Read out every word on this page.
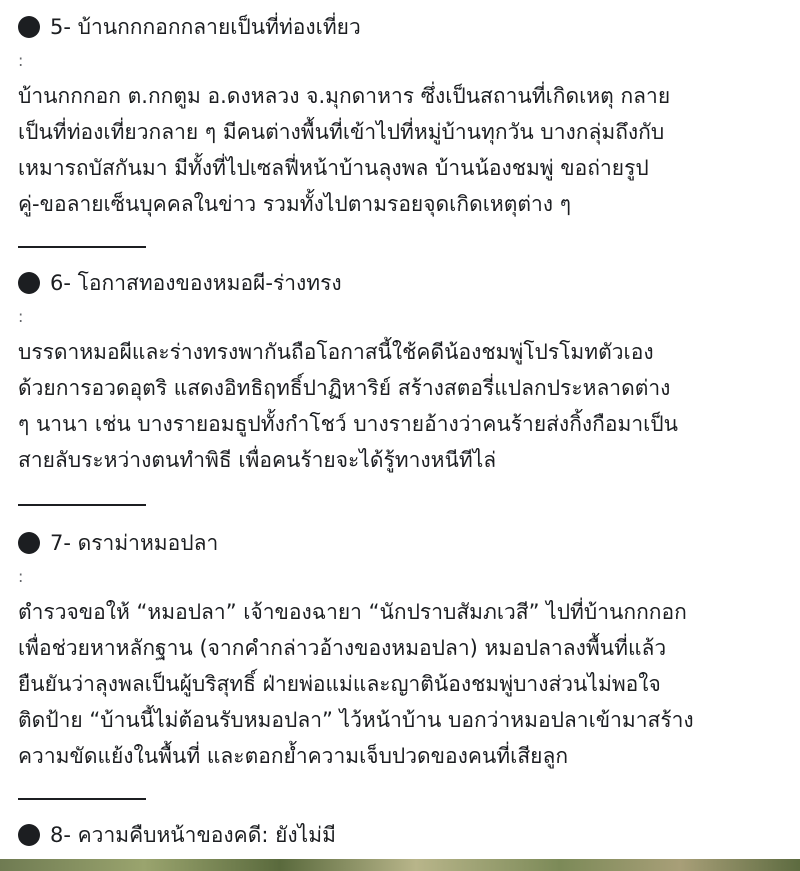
5- บ้านกกกอกกลายเป็นที่ท่องเที่ยว
:

บ้านกกกอก ต.กกตูม อ.ดงหลวง จ.มุกดาหาร ซึ่งเป็นสถานที่เกิดเหตุ กลาย

เป็นที่ท่องเที่ยวกลาย ๆ มีคนต่างพื้นที่เข้าไปที่หมู่บ้านทุกวัน บางกลุ่มถึงกับ

เหมารถบัสกันมา มีทั้งที่ไปเซลฟี่หน้าบ้านลุงพล บ้านน้องชมพู่ ขอถ่ายรูป

คู่-ขอลายเซ็นบุคคลในข่าว รวมทั้งไปตามรอยจุดเกิดเหตุต่าง ๆ

6- โอกาสทองของหมอผี-ร่างทรง
:

บรรดาหมอผีและร่างทรงพากันถือโอกาสนี้ใช้คดีน้องชมพู่โปรโมทตัวเอง

ด้วยการอวดอุตริ แสดงอิทธิฤทธิ์ปาฏิหาริย์ สร้างสตอรี่แปลกประหลาดต่าง

ๆ นานา เช่น บางรายอมธูปทั้งกำโชว์ บางรายอ้างว่าคนร้ายส่งกิ้งกือมาเป็น

สายลับระหว่างตนทำพิธี เพื่อคนร้ายจะได้รู้ทางหนีทีไล่

7- ดราม่าหมอปลา
:

ตำรวจขอให้ “หมอปลา” เจ้าของฉายา “นักปราบสัมภเวสี” ไปที่บ้านกกกอก

เพื่อช่วยหาหลักฐาน (จากคำกล่าวอ้างของหมอปลา) หมอปลาลงพื้นที่แล้ว

ยืนยันว่าลุงพลเป็นผู้บริสุทธิ์ ฝ่ายพ่อแม่และญาติน้องชมพู่บางส่วนไม่พอใจ

ติดป้าย “บ้านนี้ไม่ต้อนรับหมอปลา” ไว้หน้าบ้าน บอกว่าหมอปลาเข้ามาสร้าง

ความขัดแย้งในพื้นที่ และตอกย้ำความเจ็บปวดของคนที่เสียลูก

8- ความคืบหน้าของคดี: ยังไม่มี
